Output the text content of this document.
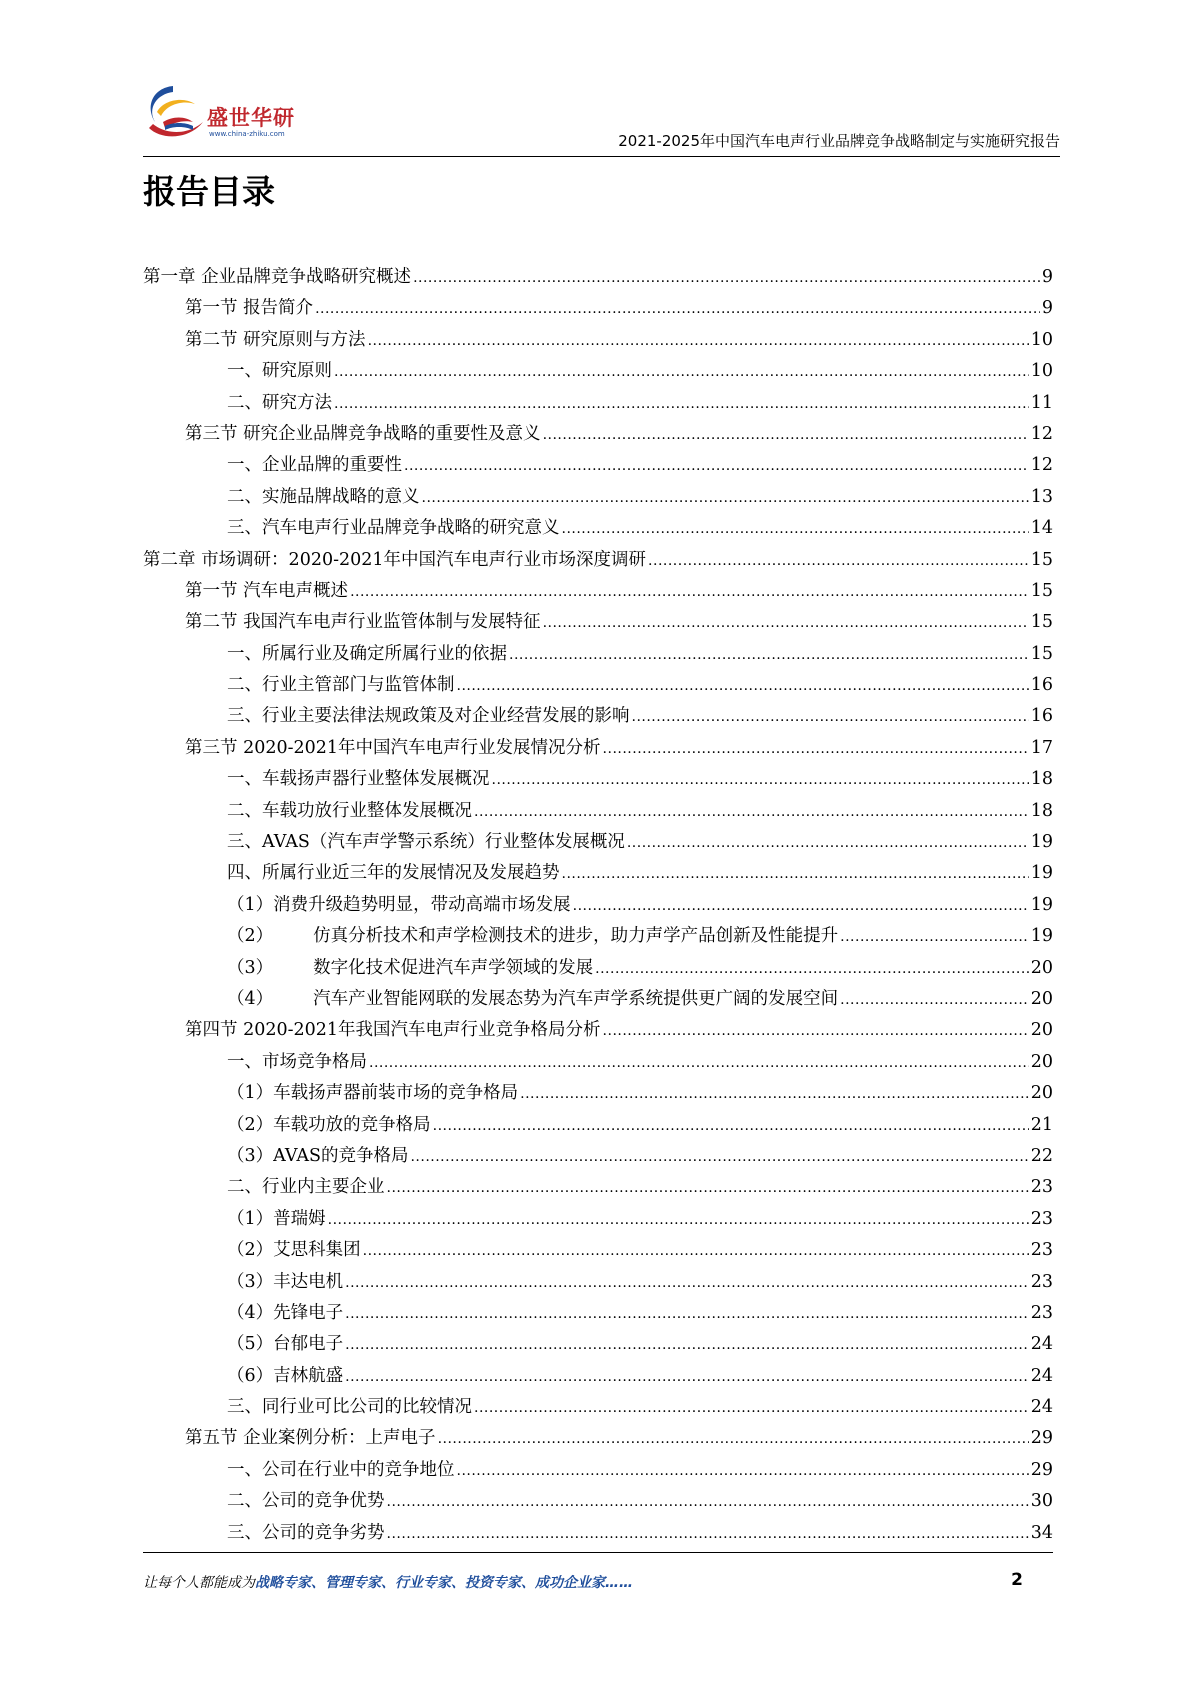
盛世华研
www.china-zhiku.com	2021-2025年中国汽车电声行业品牌竞争战略制定与实施研究报告
报告目录
第一章 企业品牌竞争战略研究概述 .....	9
第一节 报告简介 .....	9
第二节 研究原则与方法 .....	10
一、研究原则 .....	10
二、研究方法 .....	11
第三节 研究企业品牌竞争战略的重要性及意义 .....	12
一、企业品牌的重要性 .....	12
二、实施品牌战略的意义 .....	13
三、汽车电声行业品牌竞争战略的研究意义 .....	14
第二章 市场调研：2020-2021年中国汽车电声行业市场深度调研 .....	15
第一节 汽车电声概述 .....	15
第二节 我国汽车电声行业监管体制与发展特征 .....	15
一、所属行业及确定所属行业的依据 .....	15
二、行业主管部门与监管体制 .....	16
三、行业主要法律法规政策及对企业经营发展的影响 .....	16
第三节 2020-2021年中国汽车电声行业发展情况分析 .....	17
一、车载扬声器行业整体发展概况 .....	18
二、车载功放行业整体发展概况 .....	18
三、AVAS（汽车声学警示系统）行业整体发展概况 .....	19
四、所属行业近三年的发展情况及发展趋势 .....	19
（1）消费升级趋势明显，带动高端市场发展 .....	19
（2） 仿真分析技术和声学检测技术的进步，助力声学产品创新及性能提升 .....	19
（3） 数字化技术促进汽车声学领域的发展 .....	20
（4） 汽车产业智能网联的发展态势为汽车声学系统提供更广阔的发展空间 .....	20
第四节 2020-2021年我国汽车电声行业竞争格局分析 .....	20
一、市场竞争格局 .....	20
（1）车载扬声器前装市场的竞争格局 .....	20
（2）车载功放的竞争格局 .....	21
（3）AVAS的竞争格局 .....	22
二、行业内主要企业 .....	23
（1）普瑞姆 .....	23
（2）艾思科集团 .....	23
（3）丰达电机 .....	23
（4）先锋电子 .....	23
（5）台郁电子 .....	24
（6）吉林航盛 .....	24
三、同行业可比公司的比较情况 .....	24
第五节 企业案例分析：上声电子 .....	29
一、公司在行业中的竞争地位 .....	29
二、公司的竞争优势 .....	30
三、公司的竞争劣势 .....	34
让每个人都能成为战略专家、管理专家、行业专家、投资专家、成功企业家……	2
